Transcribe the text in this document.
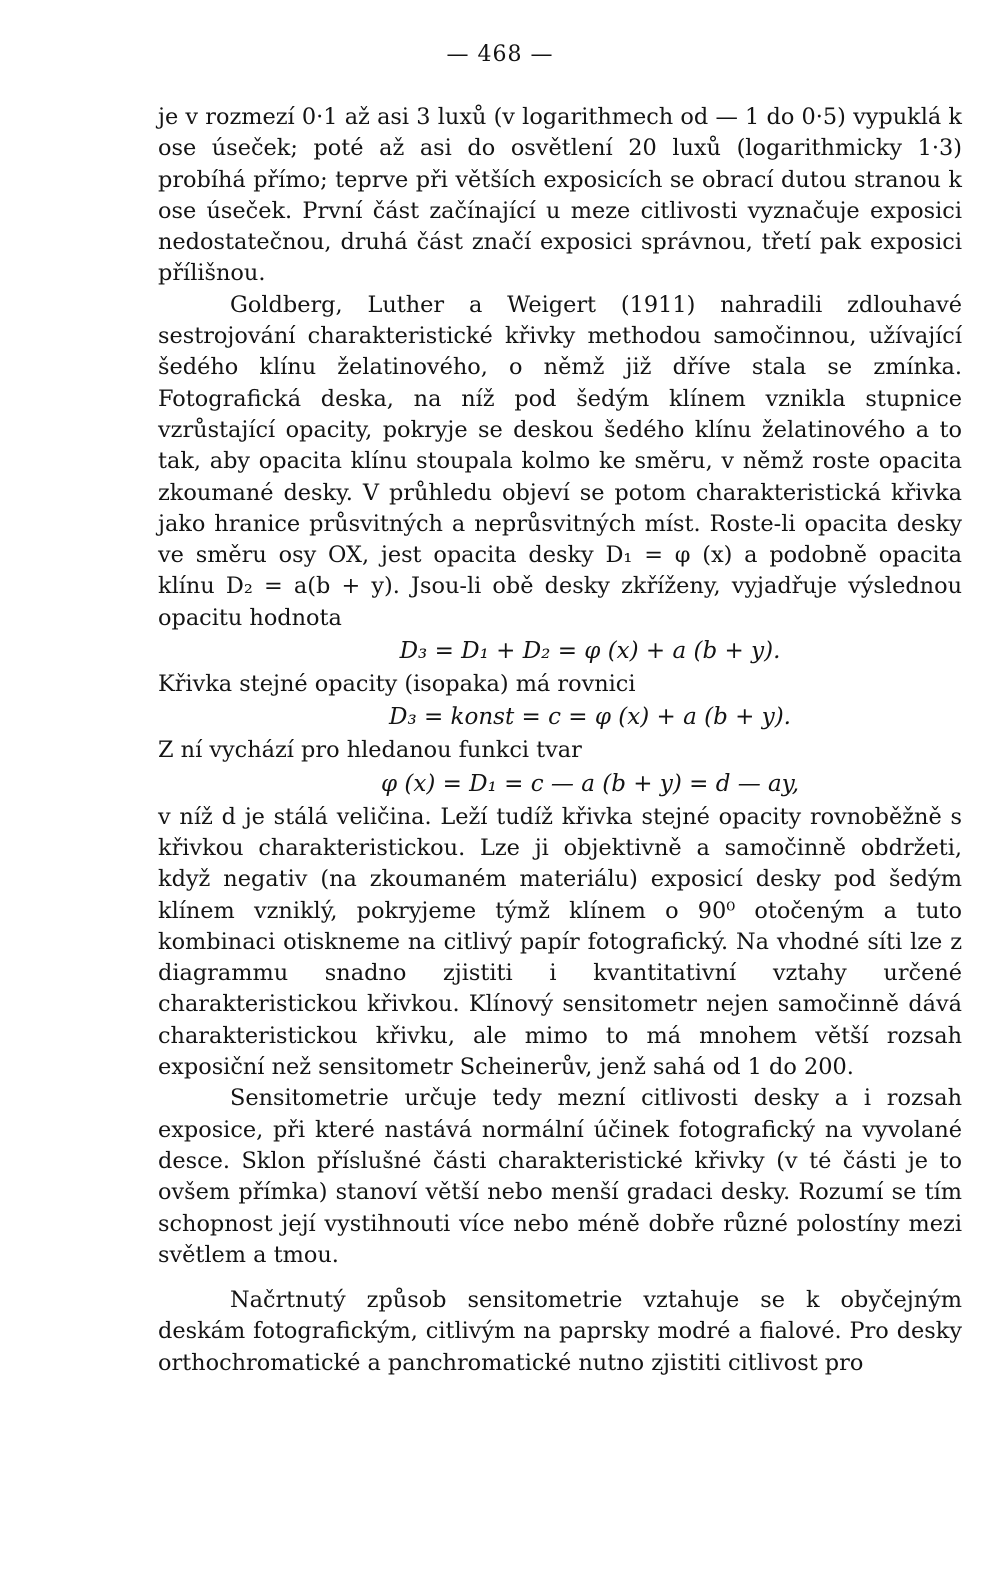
— 468 —

je v rozmezí 0·1 až asi 3 luxů (v logarithmech od — 1 do 0·5) vypuklá k ose úseček; poté až asi do osvětlení 20 luxů (logarithmicky 1·3) probíhá přímo; teprve při větších exposicích se obrací dutou stranou k ose úseček. První část začínající u meze citlivosti vyznačuje exposici nedostatečnou, druhá část značí exposici správnou, třetí pak exposici přílišnou.

Goldberg, Luther a Weigert (1911) nahradili zdlouhavé sestrojování charakteristické křivky methodou samočinnou, užívající šedého klínu želatinového, o němž již dříve stala se zmínka. Fotografická deska, na níž pod šedým klínem vznikla stupnice vzrůstající opacity, pokryje se deskou šedého klínu želatinového a to tak, aby opacita klínu stoupala kolmo ke směru, v němž roste opacita zkoumané desky. V průhledu objeví se potom charakteristická křivka jako hranice průsvitných a neprůsvitných míst. Roste-li opacita desky ve směru osy OX, jest opacita desky D₁ = φ (x) a podobně opacita klínu D₂ = a(b + y). Jsou-li obě desky zkříženy, vyjadřuje výslednou opacitu hodnota

D₃ = D₁ + D₂ = φ (x) + a (b + y).

Křivka stejné opacity (isopaka) má rovnici

D₃ = konst = c = φ (x) + a (b + y).

Z ní vychází pro hledanou funkci tvar

φ (x) = D₁ = c — a (b + y) = d — ay,

v níž d je stálá veličina. Leží tudíž křivka stejné opacity rovnoběžně s křivkou charakteristickou. Lze ji objektivně a samočinně obdržeti, když negativ (na zkoumaném materiálu) exposicí desky pod šedým klínem vzniklý, pokryjeme týmž klínem o 90⁰ otočeným a tuto kombinaci otiskneme na citlivý papír fotografický. Na vhodné síti lze z diagrammu snadno zjistiti i kvantitativní vztahy určené charakteristickou křivkou. Klínový sensitometr nejen samočinně dává charakteristickou křivku, ale mimo to má mnohem větší rozsah exposiční než sensitometr Scheinerův, jenž sahá od 1 do 200.

Sensitometrie určuje tedy mezní citlivosti desky a i rozsah exposice, při které nastává normální účinek fotografický na vyvolané desce. Sklon příslušné části charakteristické křivky (v té části je to ovšem přímka) stanoví větší nebo menší gradaci desky. Rozumí se tím schopnost její vystihnouti více nebo méně dobře různé polostíny mezi světlem a tmou.

Načrtnutý způsob sensitometrie vztahuje se k obyčejným deskám fotografickým, citlivým na paprsky modré a fialové. Pro desky orthochromatické a panchromatické nutno zjistiti citlivost pro
